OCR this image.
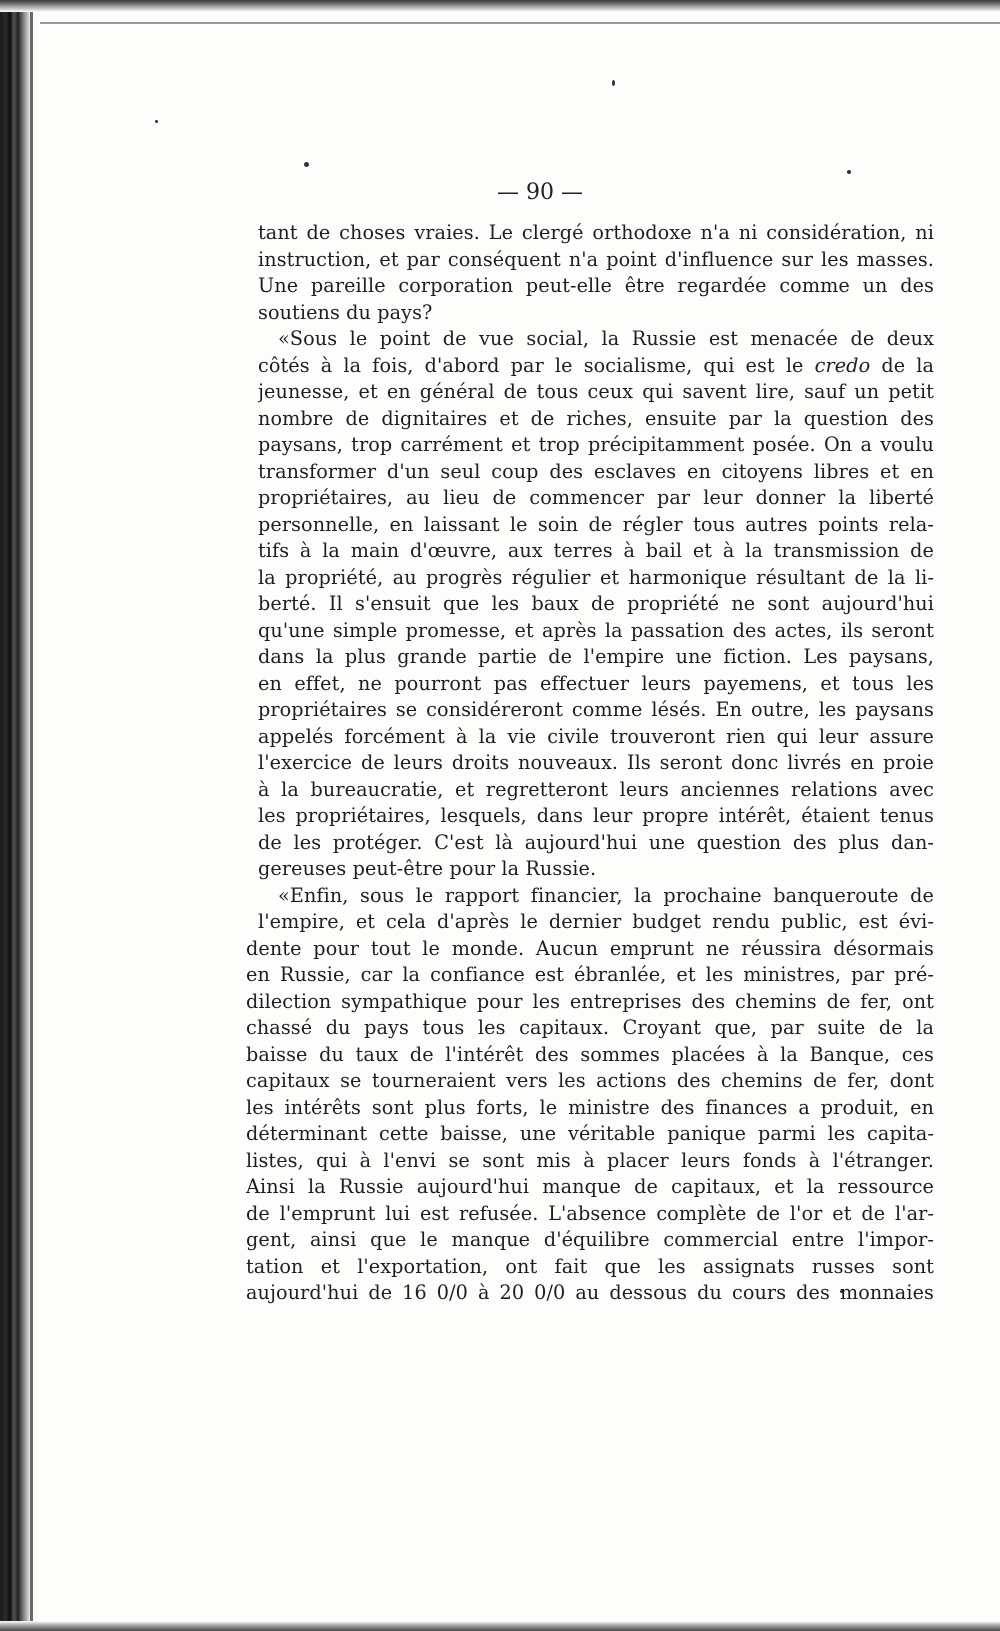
— 90 —
tant de choses vraies. Le clergé orthodoxe n'a ni considération, ni
instruction, et par conséquent n'a point d'influence sur les masses.
Une pareille corporation peut-elle être regardée comme un des
soutiens du pays?
«Sous le point de vue social, la Russie est menacée de deux
côtés à la fois, d'abord par le socialisme, qui est le credo de la
jeunesse, et en général de tous ceux qui savent lire, sauf un petit
nombre de dignitaires et de riches, ensuite par la question des
paysans, trop carrément et trop précipitamment posée. On a voulu
transformer d'un seul coup des esclaves en citoyens libres et en
propriétaires, au lieu de commencer par leur donner la liberté
personnelle, en laissant le soin de régler tous autres points rela-
tifs à la main d'œuvre, aux terres à bail et à la transmission de
la propriété, au progrès régulier et harmonique résultant de la li-
berté. Il s'ensuit que les baux de propriété ne sont aujourd'hui
qu'une simple promesse, et après la passation des actes, ils seront
dans la plus grande partie de l'empire une fiction. Les paysans,
en effet, ne pourront pas effectuer leurs payemens, et tous les
propriétaires se considéreront comme lésés. En outre, les paysans
appelés forcément à la vie civile trouveront rien qui leur assure
l'exercice de leurs droits nouveaux. Ils seront donc livrés en proie
à la bureaucratie, et regretteront leurs anciennes relations avec
les propriétaires, lesquels, dans leur propre intérêt, étaient tenus
de les protéger. C'est là aujourd'hui une question des plus dan-
gereuses peut-être pour la Russie.
«Enfin, sous le rapport financier, la prochaine banqueroute de
l'empire, et cela d'après le dernier budget rendu public, est évi-
dente pour tout le monde. Aucun emprunt ne réussira désormais
en Russie, car la confiance est ébranlée, et les ministres, par pré-
dilection sympathique pour les entreprises des chemins de fer, ont
chassé du pays tous les capitaux. Croyant que, par suite de la
baisse du taux de l'intérêt des sommes placées à la Banque, ces
capitaux se tourneraient vers les actions des chemins de fer, dont
les intérêts sont plus forts, le ministre des finances a produit, en
déterminant cette baisse, une véritable panique parmi les capita-
listes, qui à l'envi se sont mis à placer leurs fonds à l'étranger.
Ainsi la Russie aujourd'hui manque de capitaux, et la ressource
de l'emprunt lui est refusée. L'absence complète de l'or et de l'ar-
gent, ainsi que le manque d'équilibre commercial entre l'impor-
tation et l'exportation, ont fait que les assignats russes sont
aujourd'hui de 16 0/0 à 20 0/0 au dessous du cours des monnaies
